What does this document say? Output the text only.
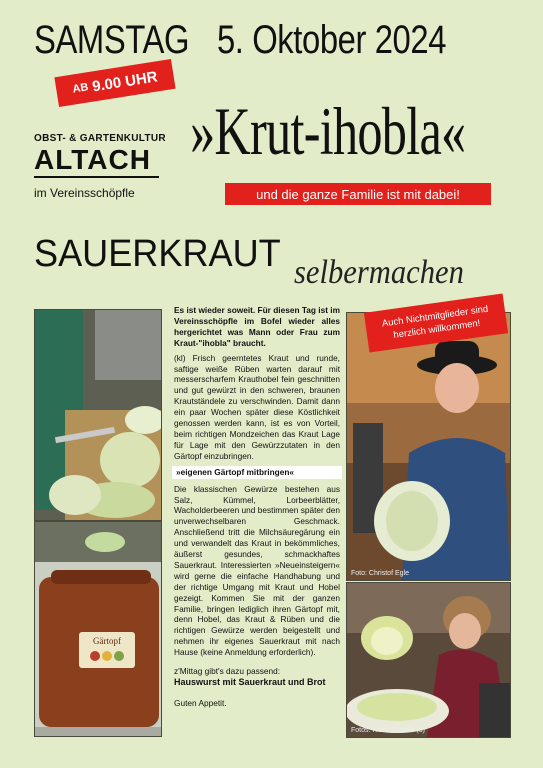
SAMSTAG 5. Oktober 2024
AB 9.00 UHR
OBST- & GARTENKULTUR
ALTACH
im Vereinsschöpfle
»Krut-ihobla«
und die ganze Familie ist mit dabei!
SAUERKRAUT selbermachen
Gärtopf

Es ist wieder soweit. Für diesen Tag ist im Vereinsschöpfle im Bofel wieder alles hergerichtet was Mann oder Frau zum Kraut-"ihobla" braucht.

(kl) Frisch geerntetes Kraut und runde, saftige weiße Rüben warten darauf mit messerscharfem Krauthobel fein geschnitten und gut gewürzt in den schweren, braunen Krautständele zu verschwinden. Damit dann ein paar Wochen später diese Köstlichkeit genossen werden kann, ist es von Vorteil, beim richtigen Mondzeichen das Kraut Lage für Lage mit den Gewürzzutaten in den Gärtopf einzubringen.

»eigenen Gärtopf mitbringen«

Die klassischen Gewürze bestehen aus Salz, Kümmel, Lorbeerblätter, Wacholderbeeren und bestimmen später den unverwechselbaren Geschmack. Anschließend tritt die Milchsäuregärung ein und verwandelt das Kraut in bekömmliches, äußerst gesundes, schmackhaftes Sauerkraut. Interessierten »Neueinsteigern« wird gerne die einfache Handhabung und der richtige Umgang mit Kraut und Hobel gezeigt. Kommen Sie mit der ganzen Familie, bringen lediglich ihren Gärtopf mit, denn Hobel, das Kraut & Rüben und die richtigen Gewürze werden beigestellt und nehmen ihr eigenes Sauerkraut mit nach Hause (keine Anmeldung erforderlich).

z'Mittag gibt's dazu passend:

Hauswurst mit Sauerkraut und Brot

Guten Appetit.

Foto: Christof Egle
Auch Nichtmitglieder sind herzlich willkommen!
Fotos: Klaus Gebele (3)
